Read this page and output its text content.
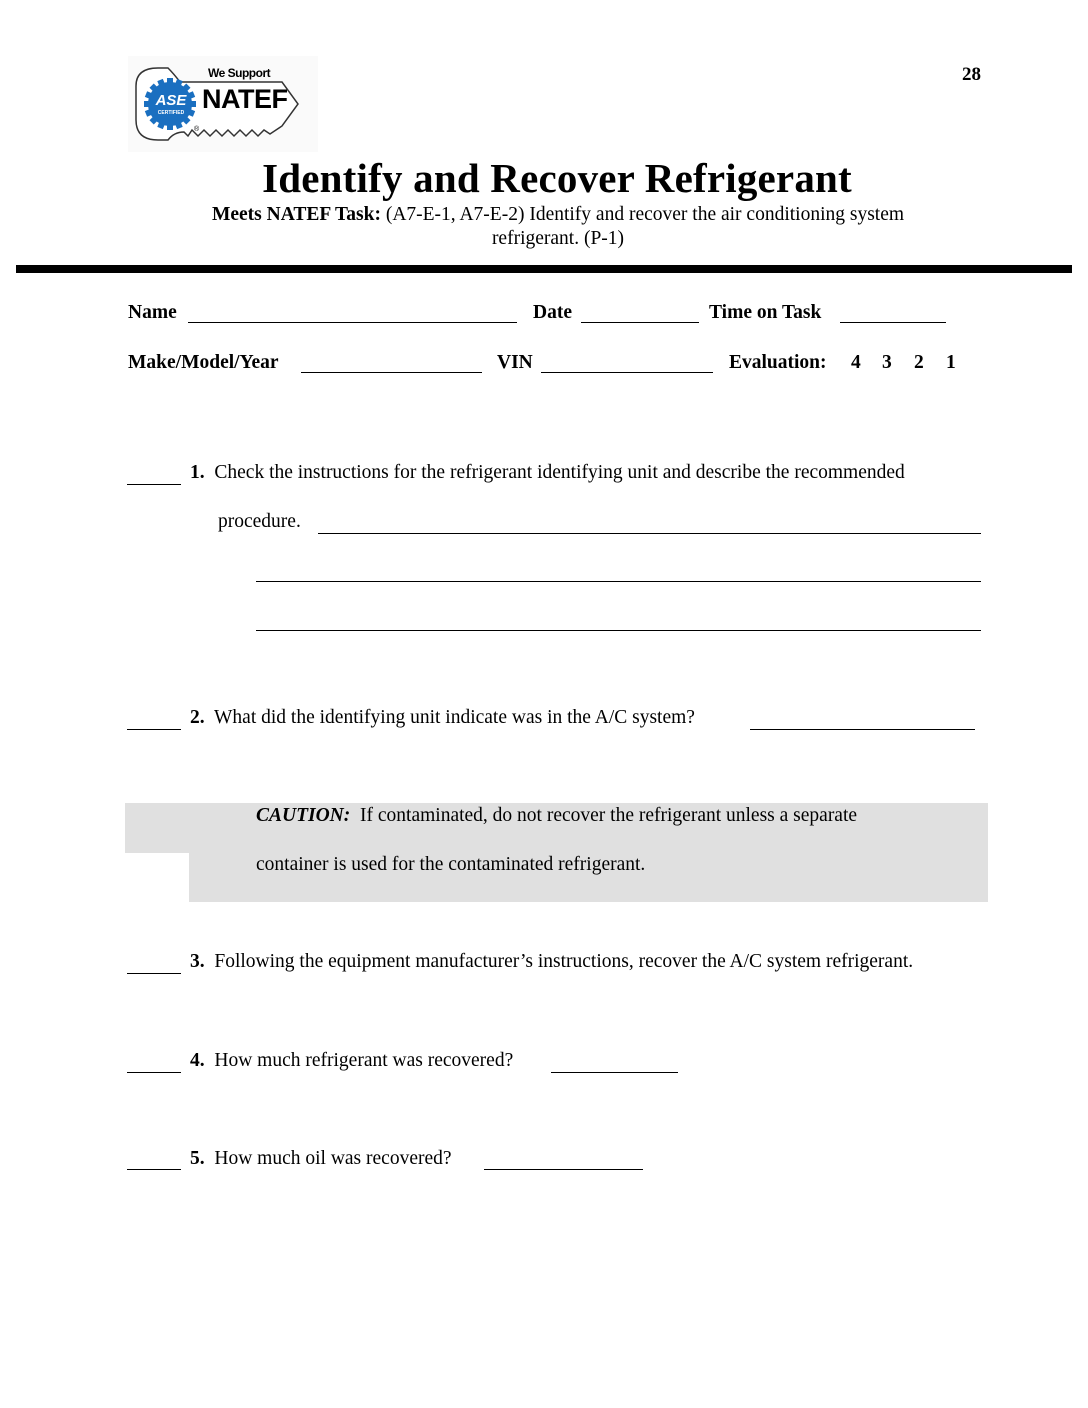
ASE
CERTIFIED
We Support
NATEF
®
28
Identify and Recover Refrigerant
Meets NATEF Task: (A7-E-1, A7-E-2) Identify and recover the air conditioning system
refrigerant. (P-1)
Name	Date	Time on Task
Make/Model/Year	VIN	Evaluation: 4 3 2 1
1. Check the instructions for the refrigerant identifying unit and describe the recommended
procedure.
2. What did the identifying unit indicate was in the A/C system?
CAUTION: If contaminated, do not recover the refrigerant unless a separate
container is used for the contaminated refrigerant.
3. Following the equipment manufacturer’s instructions, recover the A/C system refrigerant.
4. How much refrigerant was recovered?
5. How much oil was recovered?
